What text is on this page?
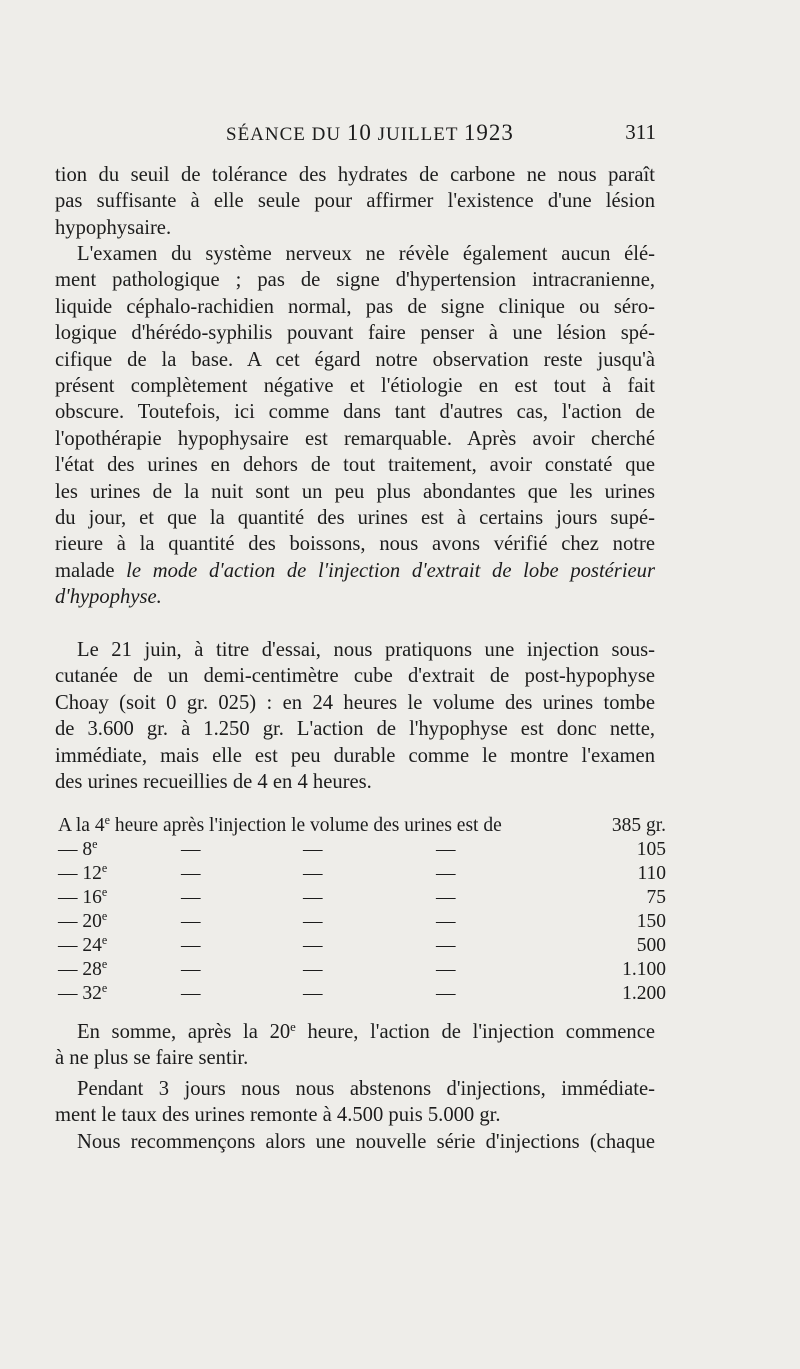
SÉANCE DU 10 JUILLET 1923	311

tion du seuil de tolérance des hydrates de carbone ne nous paraît

pas suffisante à elle seule pour affirmer l'existence d'une lésion

hypophysaire.

L'examen du système nerveux ne révèle également aucun élé-

ment pathologique ; pas de signe d'hypertension intracranienne,

liquide céphalo-rachidien normal, pas de signe clinique ou séro-

logique d'hérédo-syphilis pouvant faire penser à une lésion spé-

cifique de la base. A cet égard notre observation reste jusqu'à

présent complètement négative et l'étiologie en est tout à fait

obscure. Toutefois, ici comme dans tant d'autres cas, l'action de

l'opothérapie hypophysaire est remarquable. Après avoir cherché

l'état des urines en dehors de tout traitement, avoir constaté que

les urines de la nuit sont un peu plus abondantes que les urines

du jour, et que la quantité des urines est à certains jours supé-

rieure à la quantité des boissons, nous avons vérifié chez notre

malade le mode d'action de l'injection d'extrait de lobe postérieur

d'hypophyse.

Le 21 juin, à titre d'essai, nous pratiquons une injection sous-

cutanée de un demi-centimètre cube d'extrait de post-hypophyse

Choay (soit 0 gr. 025) : en 24 heures le volume des urines tombe

de 3.600 gr. à 1.250 gr. L'action de l'hypophyse est donc nette,

immédiate, mais elle est peu durable comme le montre l'examen

des urines recueillies de 4 en 4 heures.

A la 4e heure après l'injection le volume des urines est de	385 gr.
— 8e	—	—	—	105
— 12e	—	—	—	110
— 16e	—	—	—	75
— 20e	—	—	—	150
— 24e	—	—	—	500
— 28e	—	—	—	1.100
— 32e	—	—	—	1.200

En somme, après la 20e heure, l'action de l'injection commence

à ne plus se faire sentir.

Pendant 3 jours nous nous abstenons d'injections, immédiate-

ment le taux des urines remonte à 4.500 puis 5.000 gr.

Nous recommençons alors une nouvelle série d'injections (chaque
